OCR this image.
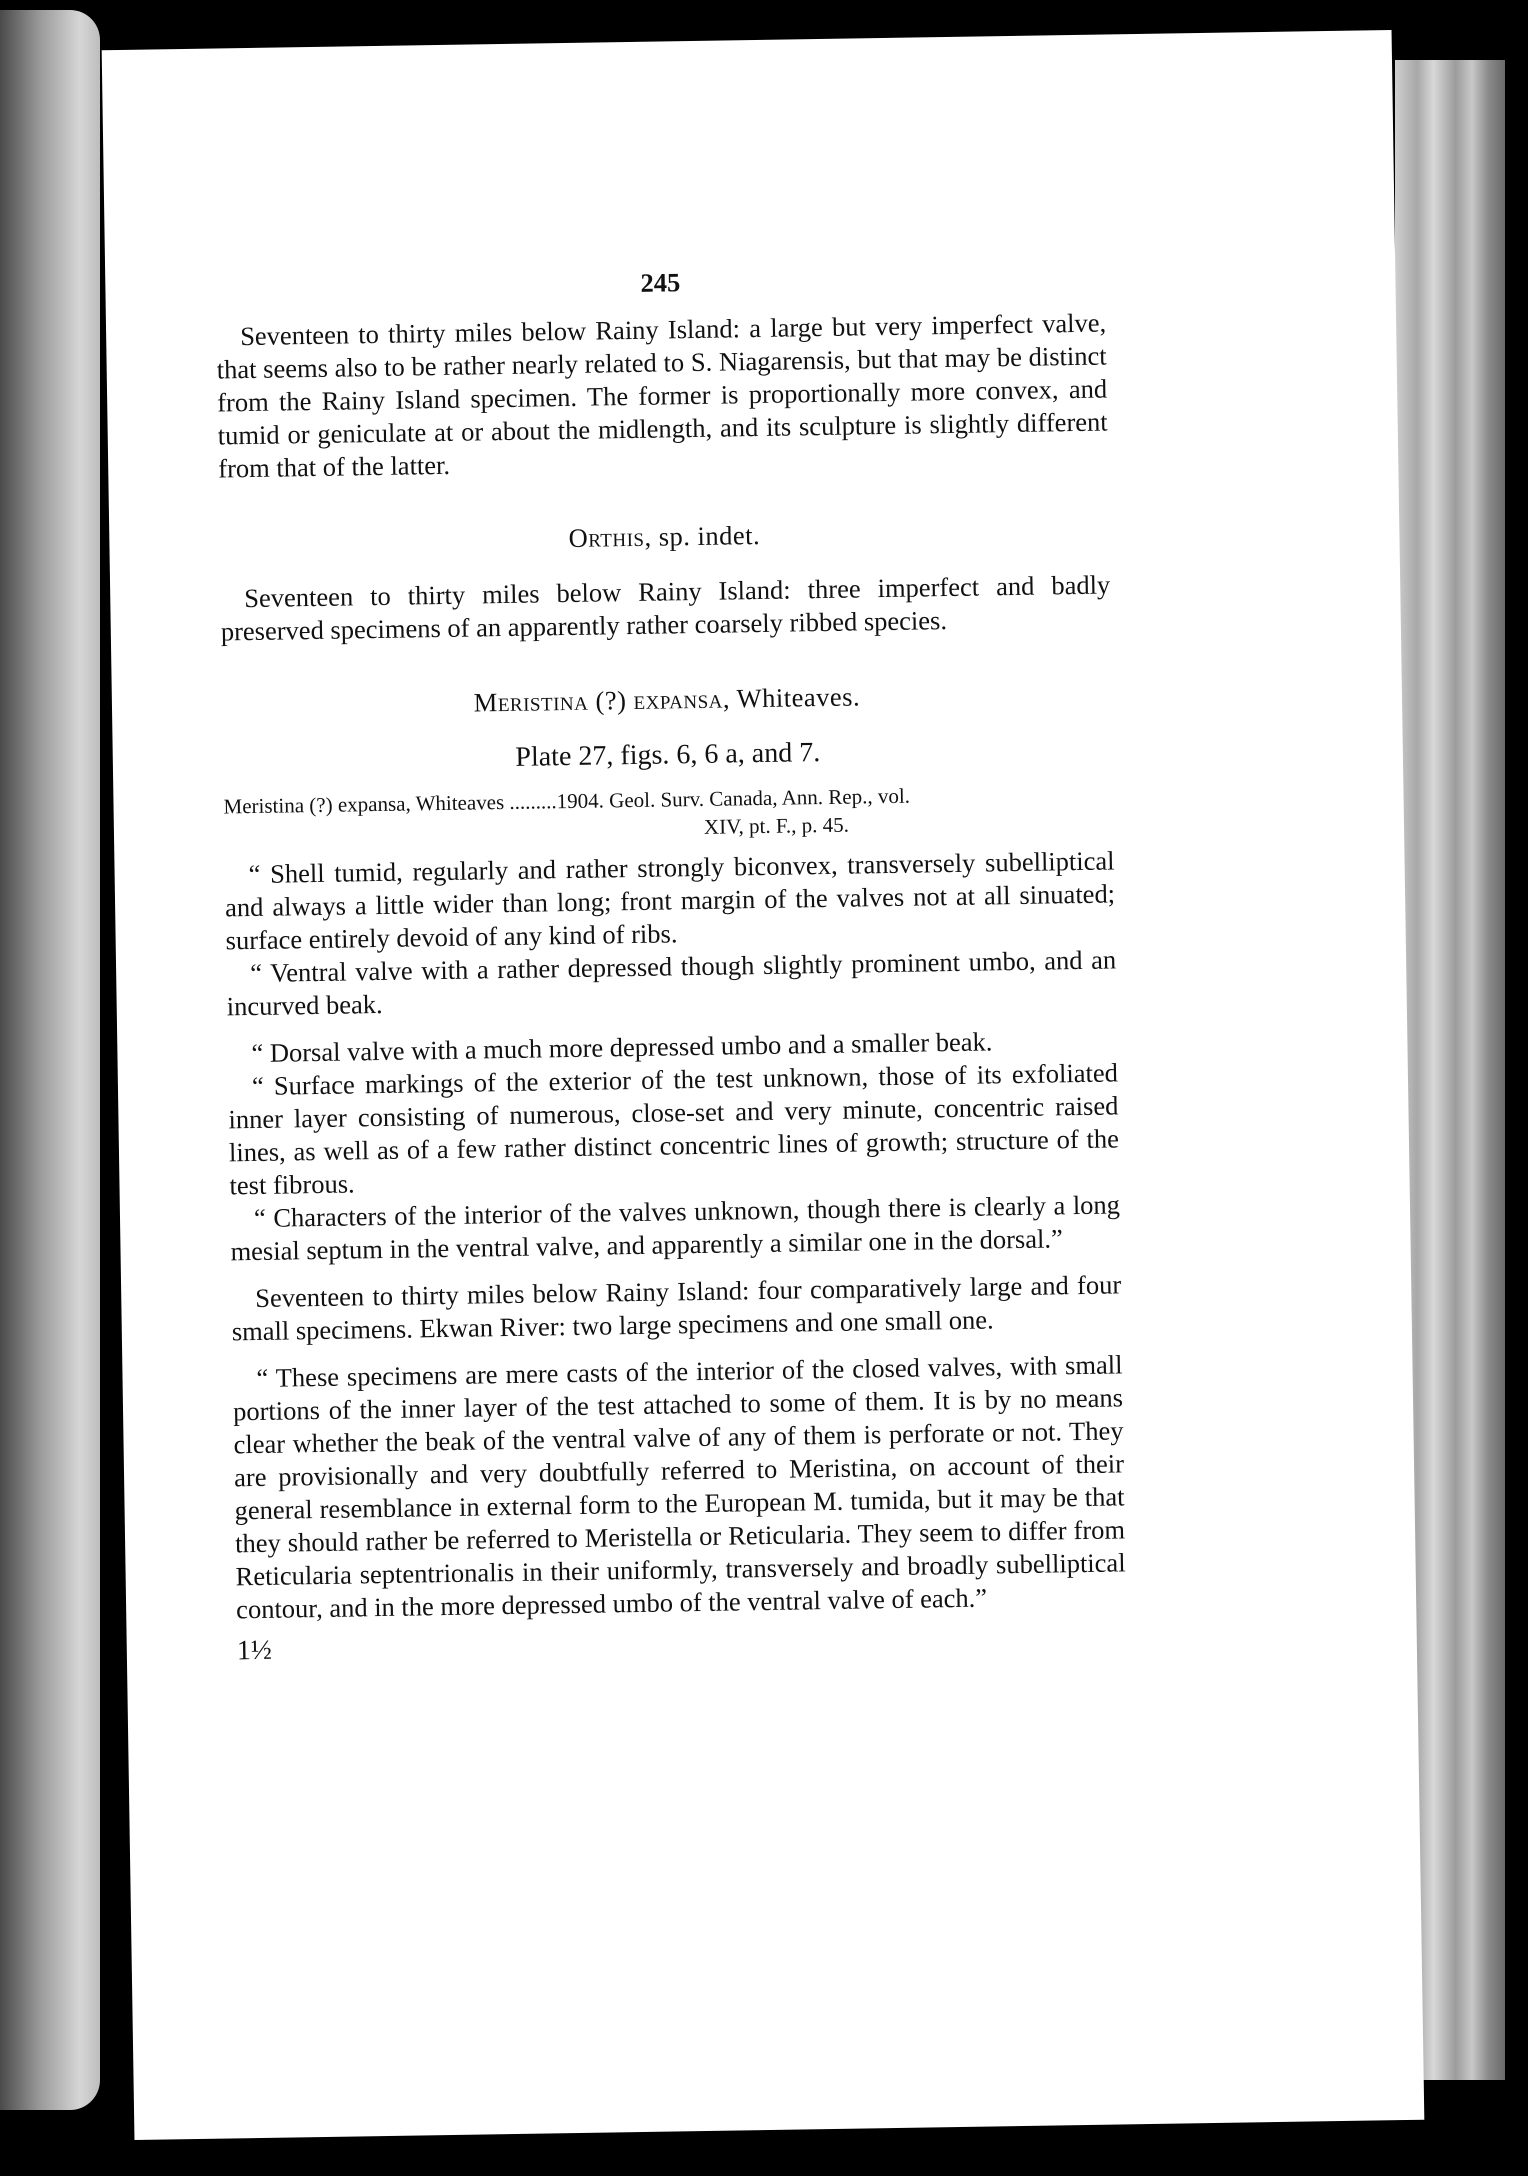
245

Seventeen to thirty miles below Rainy Island: a large but very imperfect valve, that seems also to be rather nearly related to S. Niagarensis, but that may be distinct from the Rainy Island specimen. The former is proportionally more convex, and tumid or geniculate at or about the midlength, and its sculpture is slightly different from that of the latter.

Orthis, sp. indet.

Seventeen to thirty miles below Rainy Island: three imperfect and badly preserved specimens of an apparently rather coarsely ribbed species.

Meristina (?) expansa, Whiteaves.
Plate 27, figs. 6, 6 a, and 7.
Meristina (?) expansa, Whiteaves .........1904. Geol. Surv. Canada, Ann. Rep., vol.
XIV, pt. F., p. 45.

“ Shell tumid, regularly and rather strongly biconvex, transversely subelliptical and always a little wider than long; front margin of the valves not at all sinuated; surface entirely devoid of any kind of ribs.

“ Ventral valve with a rather depressed though slightly prominent umbo, and an incurved beak.

“ Dorsal valve with a much more depressed umbo and a smaller beak.

“ Surface markings of the exterior of the test unknown, those of its exfoliated inner layer consisting of numerous, close-set and very minute, concentric raised lines, as well as of a few rather distinct concentric lines of growth; structure of the test fibrous.

“ Characters of the interior of the valves unknown, though there is clearly a long mesial septum in the ventral valve, and apparently a similar one in the dorsal.”

Seventeen to thirty miles below Rainy Island: four comparatively large and four small specimens. Ekwan River: two large specimens and one small one.

“ These specimens are mere casts of the interior of the closed valves, with small portions of the inner layer of the test attached to some of them. It is by no means clear whether the beak of the ventral valve of any of them is perforate or not. They are provisionally and very doubtfully referred to Meristina, on account of their general resemblance in external form to the European M. tumida, but it may be that they should rather be referred to Meristella or Reticularia. They seem to differ from Reticularia septentrionalis in their uniformly, transversely and broadly subelliptical contour, and in the more depressed umbo of the ventral valve of each.”

1½
